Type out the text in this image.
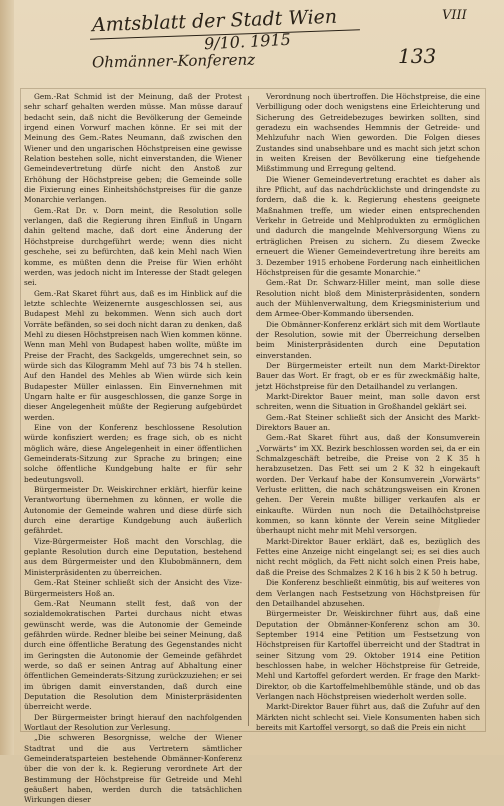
Amtsblatt der Stadt Wien	VIII
9/10. 1915
Ohmänner-Konferenz	133

Gem.-Rat Schmid ist der Meinung, daß der Protest sehr scharf gehalten werden müsse. Man müsse darauf bedacht sein, daß nicht die Bevölkerung der Gemeinde irgend einen Vorwurf machen könne. Er sei mit der Meinung des Gem.-Rates Neumann, daß zwischen den Wiener und den ungarischen Höchstpreisen eine gewisse Relation bestehen solle, nicht einverstanden, die Wiener Gemeindevertretung dürfe nicht den Anstoß zur Erhöhung der Höchstpreise geben; die Gemeinde solle die Fixierung eines Einheitshöchstpreises für die ganze Monarchie verlangen.

Gem.-Rat Dr. v. Dorn meint, die Resolution solle verlangen, daß die Regierung ihren Einfluß in Ungarn dahin geltend mache, daß dort eine Änderung der Höchstpreise durchgeführt werde; wenn dies nicht geschehe, sei zu befürchten, daß kein Mehl nach Wien komme, es müßten denn die Preise für Wien erhöht werden, was jedoch nicht im Interesse der Stadt gelegen sei.

Gem.-Rat Skaret führt aus, daß es im Hinblick auf die letzte schlechte Weizenernte ausgeschlossen sei, aus Budapest Mehl zu bekommen. Wenn sich auch dort Vorräte befänden, so sei doch nicht daran zu denken, daß Mehl zu diesen Höchstpreisen nach Wien kommen könne. Wenn man Mehl von Budapest haben wollte, müßte im Preise der Fracht, des Sackgelds, umgerechnet sein, so würde sich das Kilogramm Mehl auf 73 bis 74 h stellen. Auf den Handel des Mehles ab Wien würde sich kein Budapester Müller einlassen. Ein Einvernehmen mit Ungarn halte er für ausgeschlossen, die ganze Sorge in dieser Angelegenheit müßte der Regierung aufgebürdet werden.

Eine von der Konferenz beschlossene Resolution würde konfisziert werden; es frage sich, ob es nicht möglich wäre, diese Angelegenheit in einer öffentlichen Gemeinderats-Sitzung zur Sprache zu bringen; eine solche öffentliche Kundgebung halte er für sehr bedeutungsvoll.

Bürgermeister Dr. Weiskirchner erklärt, hierfür keine Verantwortung übernehmen zu können, er wolle die Autonomie der Gemeinde wahren und diese dürfe sich durch eine derartige Kundgebung auch äußerlich gefährdet.

Vize-Bürgermeister Hoß macht den Vorschlag, die geplante Resolution durch eine Deputation, bestehend aus dem Bürgermeister und den Klubobmännern, dem Ministerpräsidenten zu überreichen.

Gem.-Rat Steiner schließt sich der Ansicht des Vize-Bürgermeisters Hoß an.

Gem.-Rat Neumann stellt fest, daß von der sozialdemokratischen Partei durchaus nicht etwas gewünscht werde, was die Autonomie der Gemeinde gefährden würde. Redner bleibe bei seiner Meinung, daß durch eine öffentliche Beratung des Gegenstandes nicht im Geringsten die Autonomie der Gemeinde gefährdet werde, so daß er seinen Antrag auf Abhaltung einer öffentlichen Gemeinderats-Sitzung zurückzuziehen; er sei im übrigen damit einverstanden, daß durch eine Deputation die Resolution dem Ministerpräsidenten überreicht werde.

Der Bürgermeister bringt hierauf den nachfolgenden Wortlaut der Resolution zur Verlesung.

„Die schweren Besorgnisse, welche der Wiener Stadtrat und die aus Vertretern sämtlicher Gemeinderatsparteien bestehende Obmänner-Konferenz über die von der k. k. Regierung verordnete Art der Bestimmung der Höchstpreise für Getreide und Mehl geäußert haben, werden durch die tatsächlichen Wirkungen dieser

Verordnung noch übertroffen. Die Höchstpreise, die eine Verbilligung oder doch wenigstens eine Erleichterung und Sicherung des Getreidebezuges bewirken sollten, sind geradezu ein wachsendes Hemmnis der Getreide- und Mehlzufuhr nach Wien geworden. Die Folgen dieses Zustandes sind unabsehbare und es macht sich jetzt schon in weiten Kreisen der Bevölkerung eine tiefgehende Mißstimmung und Erregung geltend.

Die Wiener Gemeindevertretung erachtet es daher als ihre Pflicht, auf das nachdrücklichste und dringendste zu fordern, daß die k. k. Regierung ehestens geeignete Maßnahmen treffe, um wieder einen entsprechenden Verkehr in Getreide und Mehlprodukten zu ermöglichen und dadurch die mangelnde Mehlversorgung Wiens zu erträglichen Preisen zu sichern. Zu diesem Zwecke erneuert die Wiener Gemeindevertretung ihre bereits am 3. Dezember 1915 erhobene Forderung nach einheitlichen Höchstpreisen für die gesamte Monarchie.“

Gem.-Rat Dr. Schwarz-Hiller meint, man solle diese Resolution nicht bloß dem Ministerpräsidenten, sondern auch der Mühlenverwaltung, dem Kriegsministerium und dem Armee-Ober-Kommando übersenden.

Die Obmänner-Konferenz erklärt sich mit dem Wortlaute der Resolution, sowie mit der Überreichung derselben beim Ministerpräsidenten durch eine Deputation einverstanden.

Der Bürgermeister erteilt nun dem Markt-Direktor Bauer das Wort. Er fragt, ob er es für zweckmäßig halte, jetzt Höchstpreise für den Detailhandel zu verlangen.

Markt-Direktor Bauer meint, man solle davon erst schreiten, wenn die Situation in Großhandel geklärt sei.

Gem.-Rat Steiner schließt sich der Ansicht des Markt-Direktors Bauer an.

Gem.-Rat Skaret führt aus, daß der Konsumverein „Vorwärts“ im XX. Bezirk beschlossen worden sei, da er ein Schmalzgeschäft betreibe, die Preise von 2 K 35 h herabzusetzen. Das Fett sei um 2 K 32 h eingekauft worden. Der Verkauf habe der Konsumverein „Vorwärts“ Verluste erlitten, die nach schätzungsweisen ein Kronen gehen. Der Verein mußte billiger verkaufen als er einkaufte. Würden nun noch die Detailhöchstpreise kommen, so kann könnte der Verein seine Mitglieder überhaupt nicht mehr mit Mehl versorgen.

Markt-Direktor Bauer erklärt, daß es, bezüglich des Fettes eine Anzeige nicht eingelangt sei; es sei dies auch nicht recht möglich, da Fett nicht solch einen Preis habe, daß die Preise des Schmalzes 2 K 16 h bis 2 K 50 h betrug.

Die Konferenz beschließt einmütig, bis auf weiteres von dem Verlangen nach Festsetzung von Höchstpreisen für den Detailhandel abzusehen.

Bürgermeister Dr. Weiskirchner führt aus, daß eine Deputation der Obmänner-Konferenz schon am 30. September 1914 eine Petition um Festsetzung von Höchstpreisen für Kartoffel überreicht und der Stadtrat in seiner Sitzung vom 29. Oktober 1914 eine Petition beschlossen habe, in welcher Höchstpreise für Getreide, Mehl und Kartoffel gefordert werden. Er frage den Markt-Direktor, ob die Kartoffelmehlbemühle stände, und ob das Verlangen nach Höchstpreisen wiederholt werden solle.

Markt-Direktor Bauer führt aus, daß die Zufuhr auf den Märkten nicht schlecht sei. Viele Konsumenten haben sich bereits mit Kartoffel versorgt, so daß die Preis ein nicht
